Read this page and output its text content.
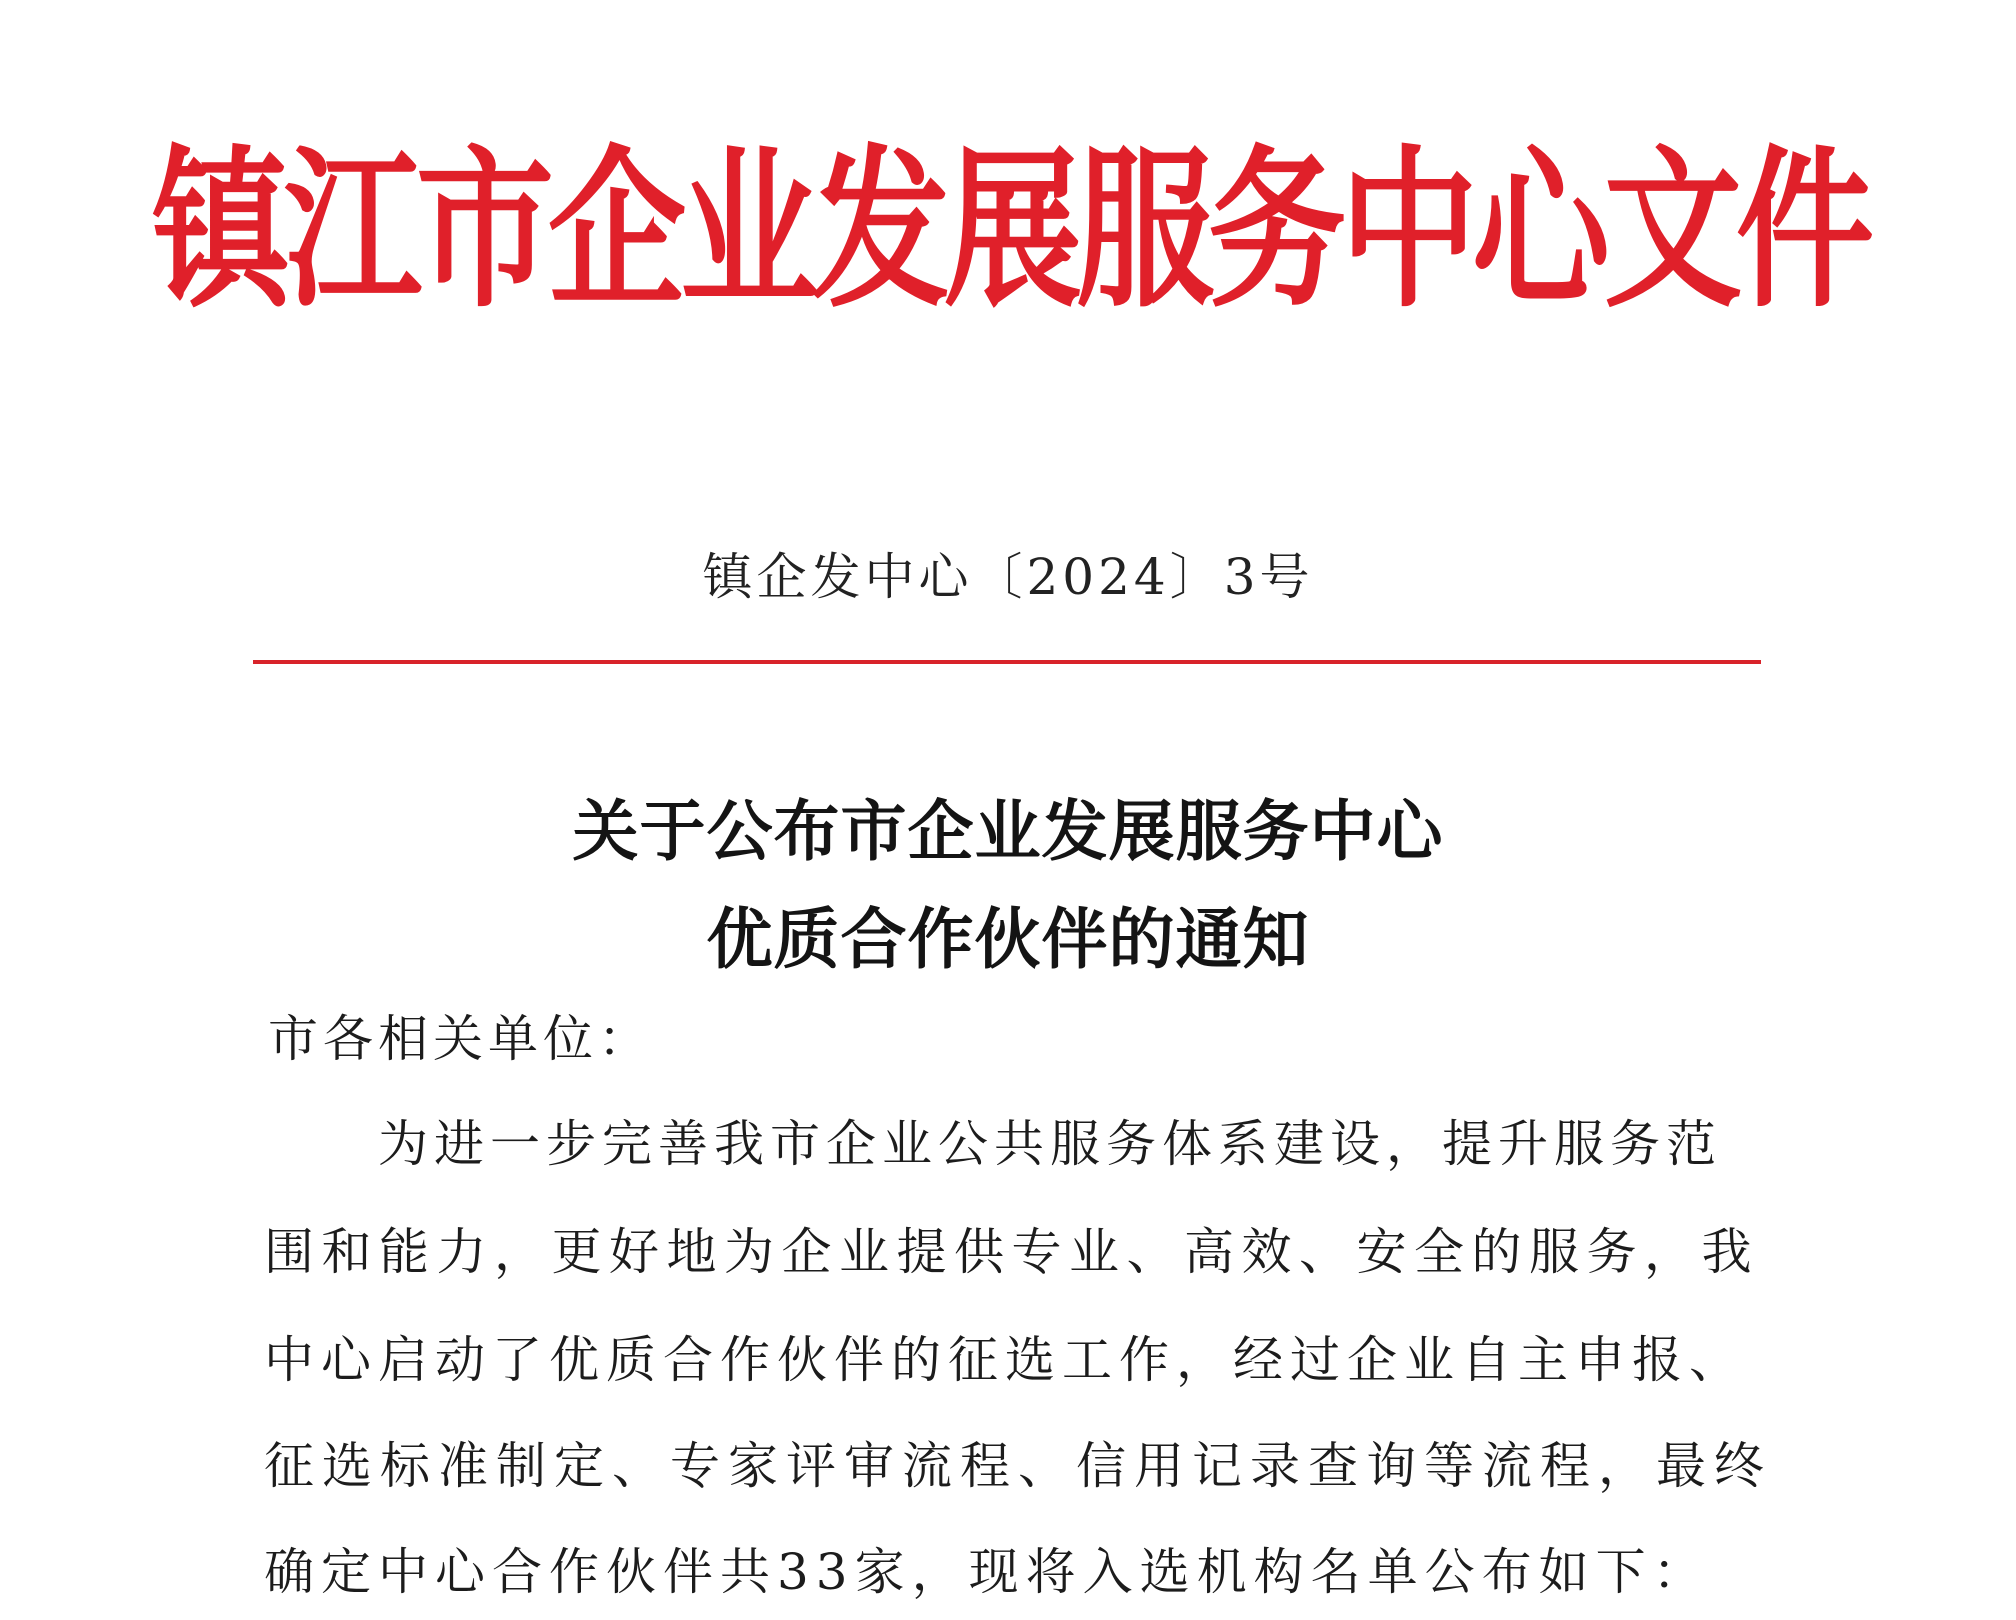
镇江市企业发展服务中心文件
镇企发中心〔2024〕3号
关于公布市企业发展服务中心
优质合作伙伴的通知
市各相关单位：
为进一步完善我市企业公共服务体系建设，提升服务范
围和能力，更好地为企业提供专业、高效、安全的服务，我
中心启动了优质合作伙伴的征选工作，经过企业自主申报、
征选标准制定、专家评审流程、信用记录查询等流程，最终
确定中心合作伙伴共33家，现将入选机构名单公布如下：
